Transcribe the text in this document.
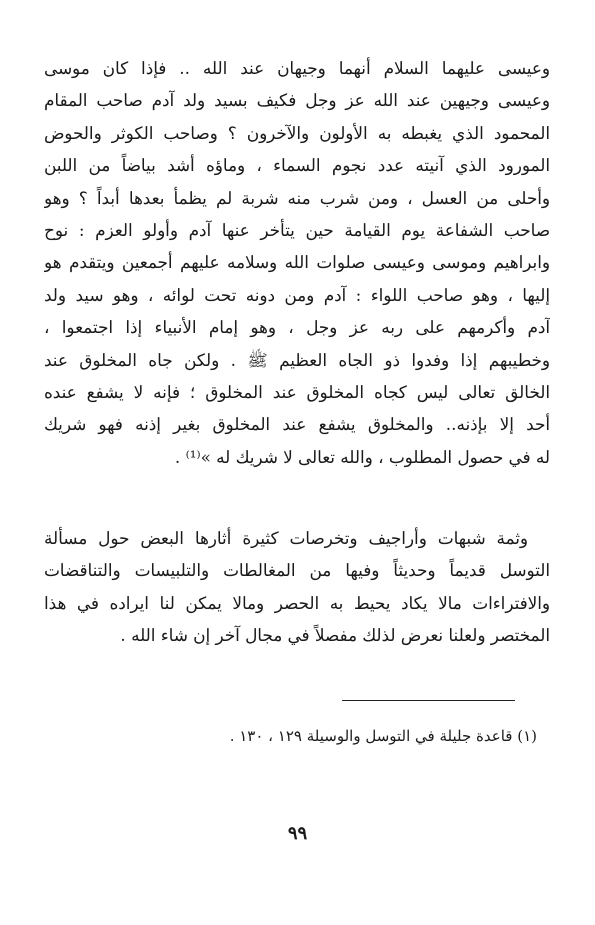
وعيسى عليهما السلام أنهما وجيهان عند الله .. فإذا كان موسى
وعيسى وجيهين عند الله عز وجل فكيف بسيد ولد آدم صاحب المقام
المحمود الذي يغبطه به الأولون والآخرون ؟ وصاحب الكوثر والحوض
المورود الذي آنيته عدد نجوم السماء ، وماؤه أشد بياضاً من اللبن
وأحلى من العسل ، ومن شرب منه شربة لم يظمأ بعدها أبداً ؟ وهو
صاحب الشفاعة يوم القيامة حين يتأخر عنها آدم وأولو العزم : نوح
وابراهيم وموسى وعيسى صلوات الله وسلامه عليهم أجمعين ويتقدم هو
إليها ، وهو صاحب اللواء : آدم ومن دونه تحت لوائه ، وهو سيد ولد
آدم وأكرمهم على ربه عز وجل ، وهو إمام الأنبياء إذا اجتمعوا ،
وخطيبهم إذا وفدوا ذو الجاه العظيم ﷺ . ولكن جاه المخلوق عند
الخالق تعالى ليس كجاه المخلوق عند المخلوق ؛ فإنه لا يشفع عنده
أحد إلا بإذنه.. والمخلوق يشفع عند المخلوق بغير إذنه فهو شريك
له في حصول المطلوب ، والله تعالى لا شريك له »⁽¹⁾ .
وثمة شبهات وأراجيف وتخرصات كثيرة أثارها البعض حول مسألة
التوسل قديماً وحديثاً وفيها من المغالطات والتلبيسات والتناقضات
والافتراءات مالا يكاد يحيط به الحصر ومالا يمكن لنا ايراده في هذا
المختصر ولعلنا نعرض لذلك مفصلاً في مجال آخر إن شاء الله .
(١) قاعدة جليلة في التوسل والوسيلة ١٢٩ ، ١٣٠ .
٩٩
